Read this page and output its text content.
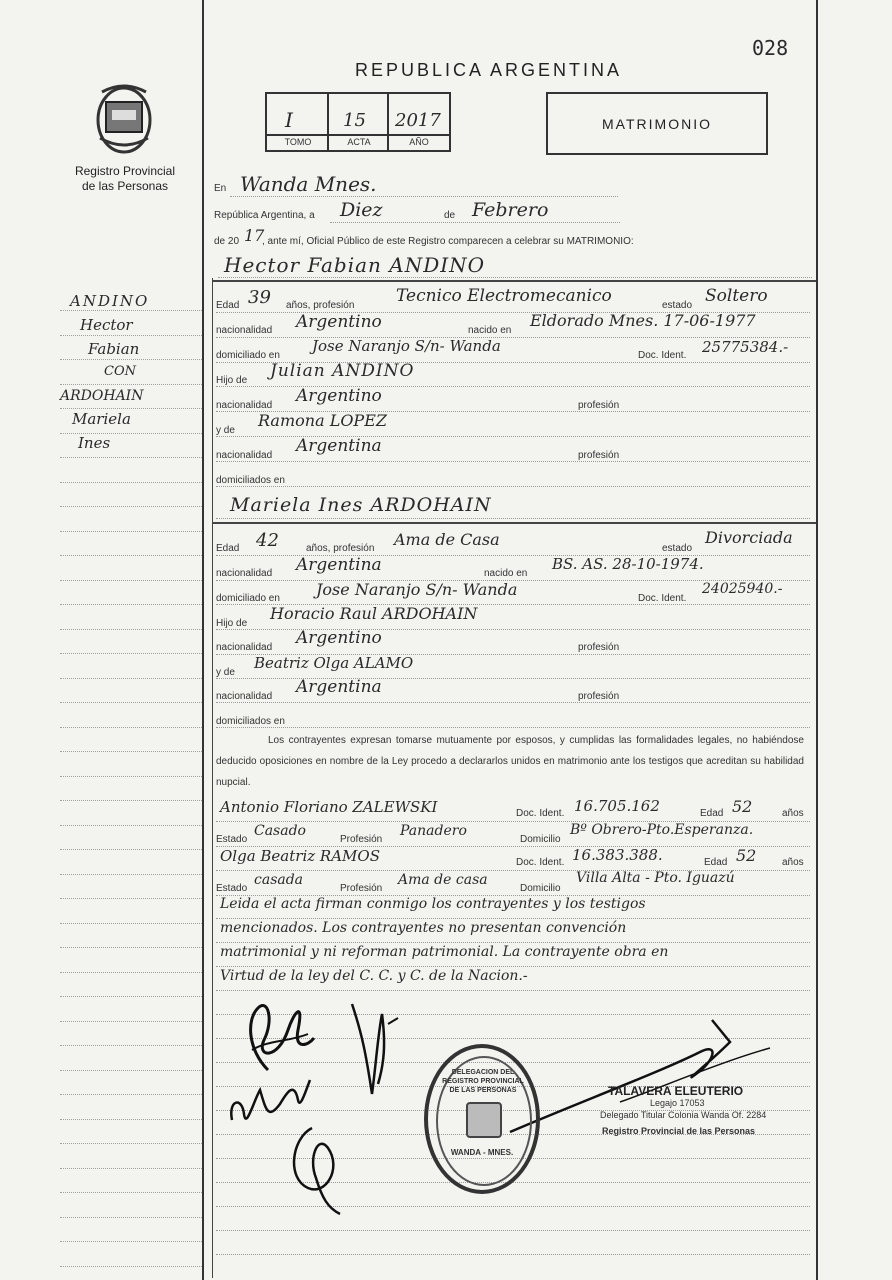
028
REPUBLICA ARGENTINA
Registro Provincial
de las Personas
I	15 2017
TOMO	ACTA	AÑO
MATRIMONIO
En Wanda Mnes.
República Argentina, a Diez	de Febrero
de 20 17
, ante mí, Oficial Público de este Registro comparecen a celebrar su MATRIMONIO:
Hector Fabian ANDINO
Edad 39 años, profesión Tecnico Electromecanico	estado Soltero
nacionalidad Argentino	nacido en
Eldorado Mnes. 17-06-1977
domiciliado en
Jose Naranjo S/n- Wanda
Doc. Ident. 25775384.-
Hijo de Julian ANDINO
nacionalidad Argentino	profesión
y de
Ramona LOPEZ
nacionalidad Argentina	profesión
domiciliados en
Mariela Ines ARDOHAIN
Edad 42	años, profesión Ama de Casa	estado
Divorciada
nacionalidad Argentina	nacido en
BS. AS. 28-10-1974.
domiciliado en Jose Naranjo S/n- Wanda	Doc. Ident.
24025940.-
Hijo de
Horacio Raul ARDOHAIN
nacionalidad Argentino	profesión
y de
Beatriz Olga ALAMO
nacionalidad Argentina	profesión
domiciliados en
Los contrayentes expresan tomarse mutuamente por esposos, y cumplidas las formalidades legales, no habiéndose deducido oposiciones en nombre de la Ley procedo a declararlos unidos en matrimonio ante los testigos que acreditan su habilidad nupcial.
Antonio Floriano ZALEWSKI	Doc. Ident. 16.705.162	Edad 52	años
Estado
Casado
Profesión
Panadero
Domicilio
Bº Obrero-Pto.Esperanza.
Olga Beatriz RAMOS	Doc. Ident. 16.383.388.	Edad 52	años
Estado
casada
Profesión
Ama de casa
Domicilio
Villa Alta - Pto. Iguazú
Leida el acta firman conmigo los contrayentes y los testigos
mencionados. Los contrayentes no presentan convención
matrimonial y ni reforman patrimonial. La contrayente obra en
Virtud de la ley del C. C. y C. de la Nacion.-
ANDINO
Hector
Fabian
CON
ARDOHAIN
Mariela
Ines
DELEGACION DEL REGISTRO PROVINCIAL DE LAS PERSONAS
WANDA - MNES.
TALAVERA ELEUTERIO
Legajo 17053
Delegado Titular Colonia Wanda Of. 2284
Registro Provincial de las Personas
